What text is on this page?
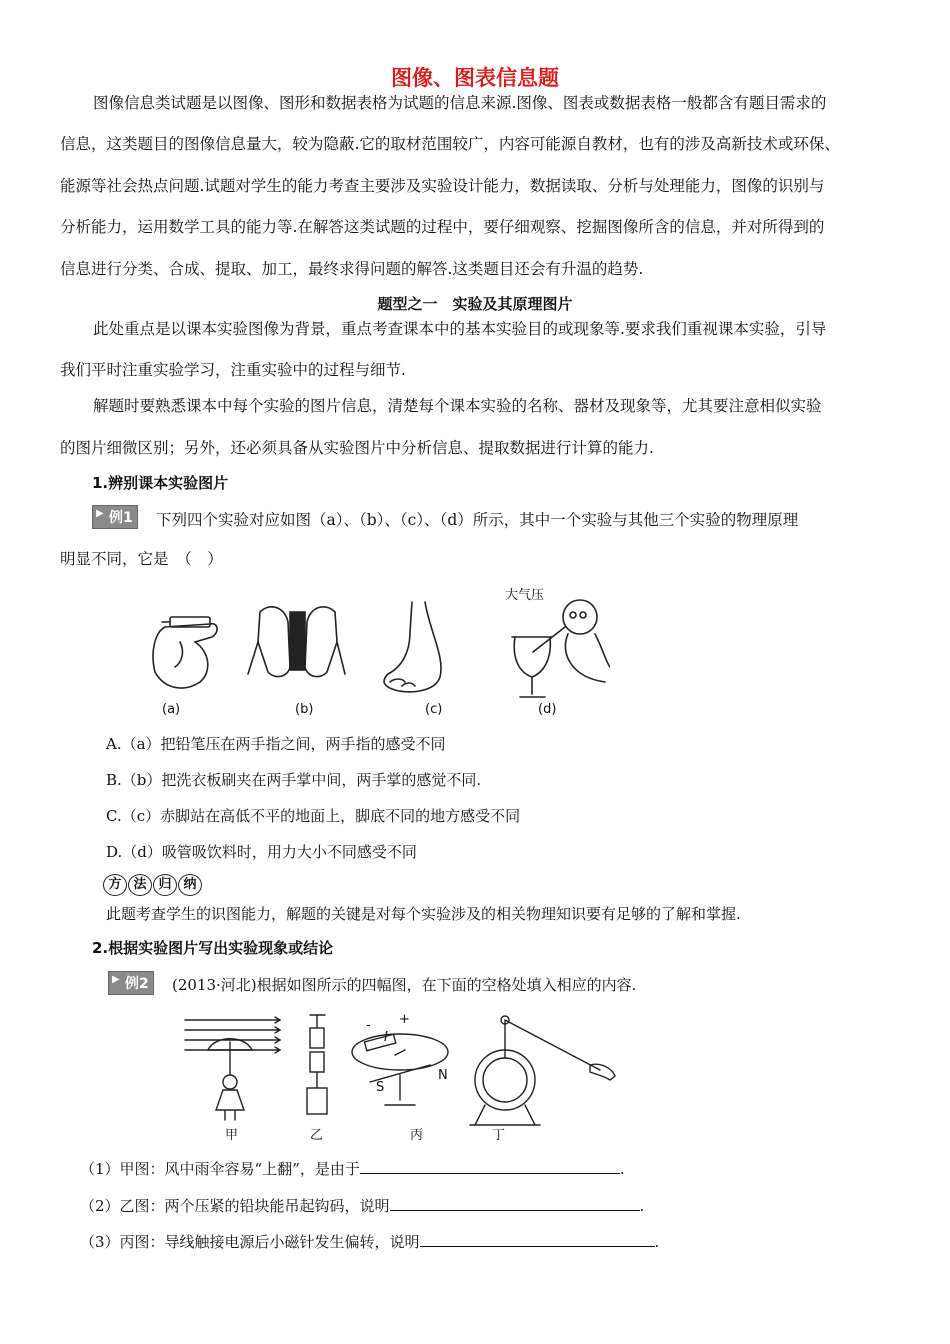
图像、图表信息题
图像信息类试题是以图像、图形和数据表格为试题的信息来源.图像、图表或数据表格一般都含有题目需求的
信息，这类题目的图像信息量大，较为隐蔽.它的取材范围较广，内容可能源自教材，也有的涉及高新技术或环保、
能源等社会热点问题.试题对学生的能力考查主要涉及实验设计能力，数据读取、分析与处理能力，图像的识别与
分析能力，运用数学工具的能力等.在解答这类试题的过程中，要仔细观察、挖掘图像所含的信息，并对所得到的
信息进行分类、合成、提取、加工，最终求得问题的解答.这类题目还会有升温的趋势.
题型之一　实验及其原理图片
此处重点是以课本实验图像为背景，重点考查课本中的基本实验目的或现象等.要求我们重视课本实验，引导
我们平时注重实验学习，注重实验中的过程与细节.
解题时要熟悉课本中每个实验的图片信息，清楚每个课本实验的名称、器材及现象等，尤其要注意相似实验
的图片细微区别；另外，还必须具备从实验图片中分析信息、提取数据进行计算的能力.
1.辨别课本实验图片
▶ 例1	下列四个实验对应如图（a）、（b）、（c）、（d）所示，其中一个实验与其他三个实验的物理原理
明显不同，它是　（　）
大气压
(a)	(b)	(c)	(d)
A.（a）把铅笔压在两手指之间，两手指的感受不同
B.（b）把洗衣板刷夹在两手掌中间，两手掌的感觉不同.
C.（c）赤脚站在高低不平的地面上，脚底不同的地方感受不同
D.（d）吸管吸饮料时，用力大小不同感受不同
方 法 归 纳
此题考查学生的识图能力，解题的关键是对每个实验涉及的相关物理知识要有足够的了解和掌握.
2.根据实验图片写出实验现象或结论
▶ 例2	(2013·河北)根据如图所示的四幅图，在下面的空格处填入相应的内容.
I
- +
S
N
甲	乙	丙	丁
（1）甲图：风中雨伞容易“上翻”，是由于	.
（2）乙图：两个压紧的铅块能吊起钩码，说明	.
（3）丙图：导线触接电源后小磁针发生偏转，说明	.
